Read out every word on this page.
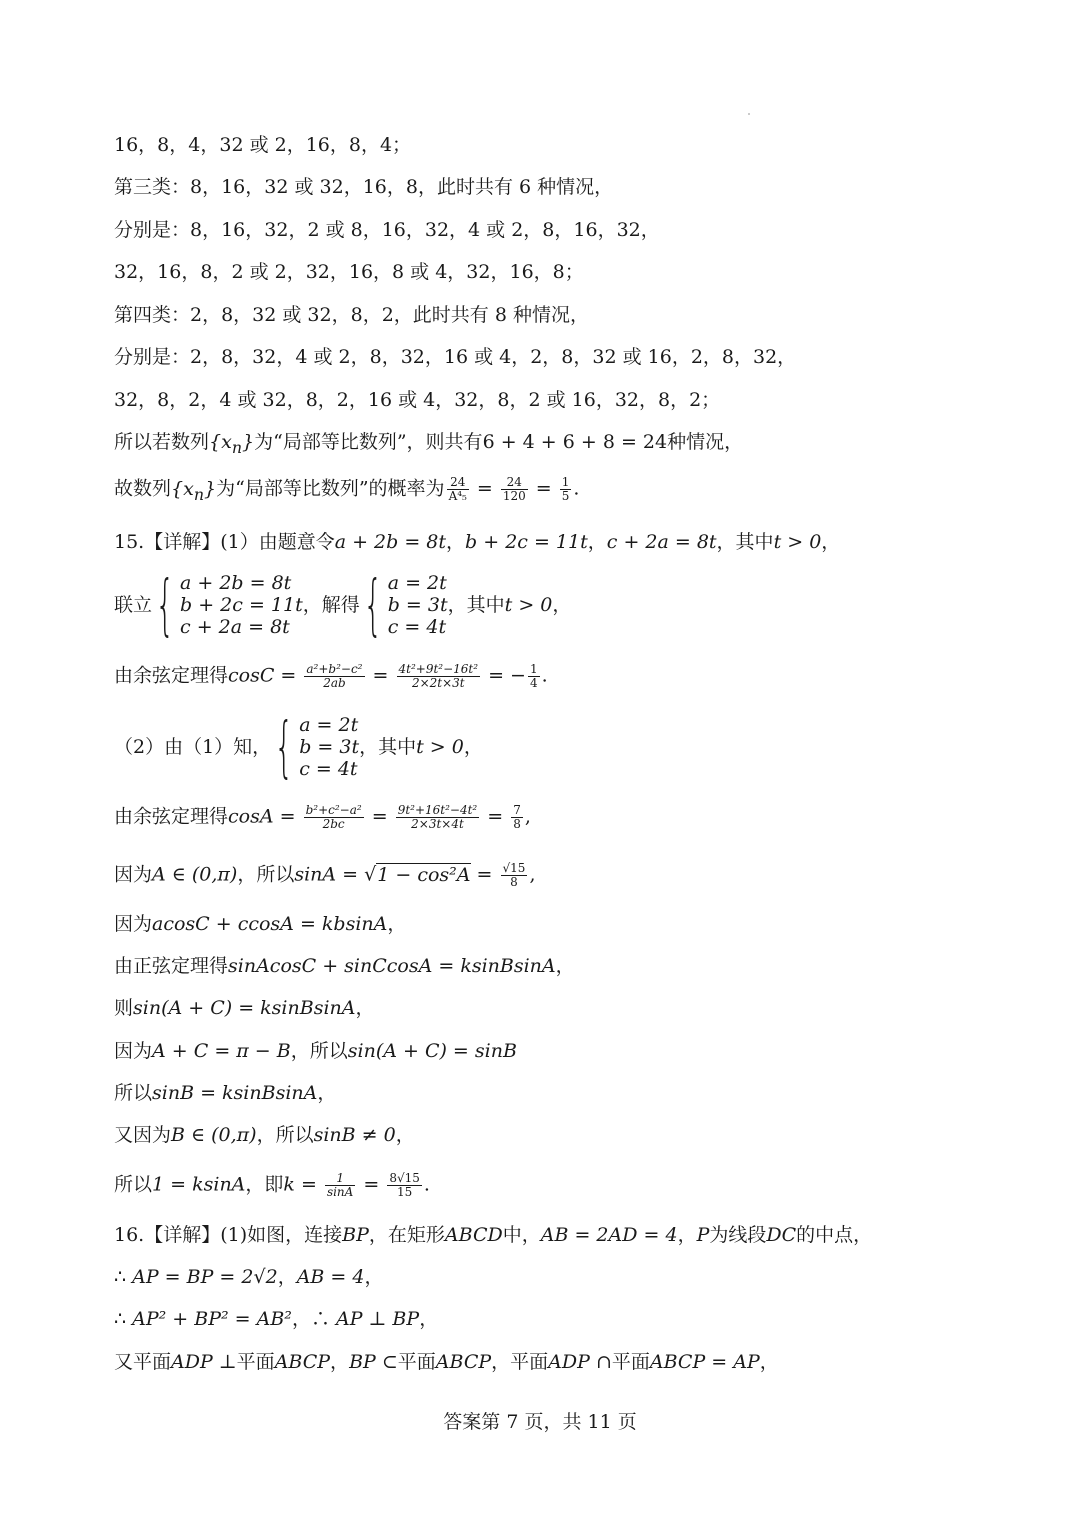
16，8，4，32 或 2，16，8，4；
第三类：8，16，32 或 32，16，8，此时共有 6 种情况，
分别是：8，16，32，2 或 8，16，32，4 或 2，8，16，32，
32，16，8，2 或 2，32，16，8 或 4，32，16，8；
第四类：2，8，32 或 32，8，2，此时共有 8 种情况，
分别是：2，8，32，4 或 2，8，32，16 或 4，2，8，32 或 16，2，8，32，
32，8，2，4 或 32，8，2，16 或 4，32，8，2 或 16，32，8，2；
所以若数列$\{x_n\}$为“局部等比数列”，则共有6 + 4 + 6 + 8 = 24种情况，
故数列$\{x_n\}$为“局部等比数列”的概率为 $\frac{24}{\text{A⁴₅}} = \frac{24}{120} = \frac{1}{5}$ .
15.【详解】(1）由题意令a + 2b = 8t，b + 2c = 11t，c + 2a = 8t，其中t > 0，
联立 { a + 2b = 8t
b + 2c = 11t
c + 2a = 8t
，解得 { a = 2t
b = 3t
c = 4t
，其中t > 0，
由余弦定理得$\cos C = \frac{\text{a²+b²−c²}}{2ab} = \frac{\text{4t²+9t²−16t²}}{2\times 2t\times 3t}$ = − $\frac{1}{4}$ .
（2）由（1）知， { a = 2t
b = 3t
c = 4t
，其中t > 0，
由余弦定理得$\cos A = \frac{\text{b²+c²−a²}}{2bc} = \frac{\text{9t²+16t²−4t²}}{2\times 3t\times 4t} = \frac{7}{8}$ ,
因为A ∈ (0,π)，所以$\sin A = √1 - \cos^2A = \frac{√15}{8}$ ,
因为acosC + ccosA = kbsinA，
由正弦定理得sinAcosC + sinCcosA = ksinBsinA，
则sin(A + C) = ksinBsinA，
因为A + C = π − B，所以sin(A + C) = sinB
所以sinB = ksinBsinA，
又因为B ∈ (0,π)，所以sinB ≠ 0，
所以1 = ksinA，即$k = \frac{1}{\sin A} = \frac{8√15}{15}$ .
16.【详解】(1)如图，连接BP，在矩形ABCD中，AB = 2AD = 4，P为线段DC的中点，
∴ AP = BP = 2√2，AB = 4，
∴ AP² + BP² = AB²，∴ AP ⊥ BP，
又平面ADP ⊥平面ABCP，BP ⊂平面ABCP，平面ADP ∩平面ABCP = AP，
答案第 7 页，共 11 页
